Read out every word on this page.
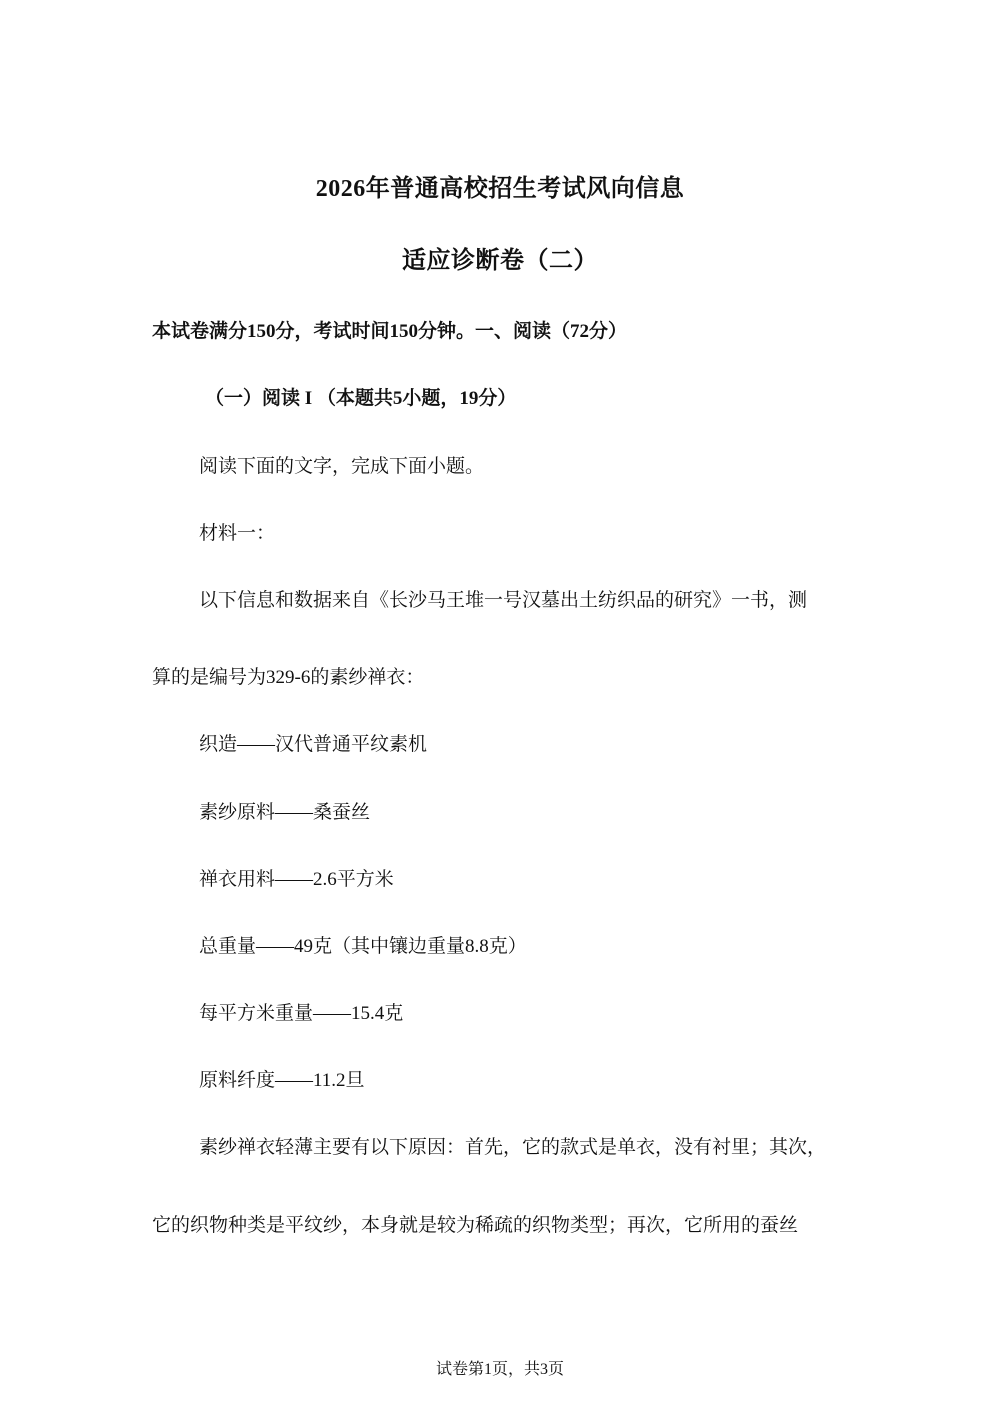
2026年普通高校招生考试风向信息
适应诊断卷（二）
本试卷满分150分，考试时间150分钟。一、阅读（72分）
（一）阅读 I （本题共5小题，19分）
阅读下面的文字，完成下面小题。
材料一：
以下信息和数据来自《长沙马王堆一号汉墓出土纺织品的研究》一书，测
算的是编号为329-6的素纱禅衣：
织造——汉代普通平纹素机
素纱原料——桑蚕丝
禅衣用料——2.6平方米
总重量——49克（其中镶边重量8.8克）
每平方米重量——15.4克
原料纤度——11.2旦
素纱禅衣轻薄主要有以下原因：首先，它的款式是单衣，没有衬里；其次，
它的织物种类是平纹纱，本身就是较为稀疏的织物类型；再次，它所用的蚕丝
试卷第1页，共3页
